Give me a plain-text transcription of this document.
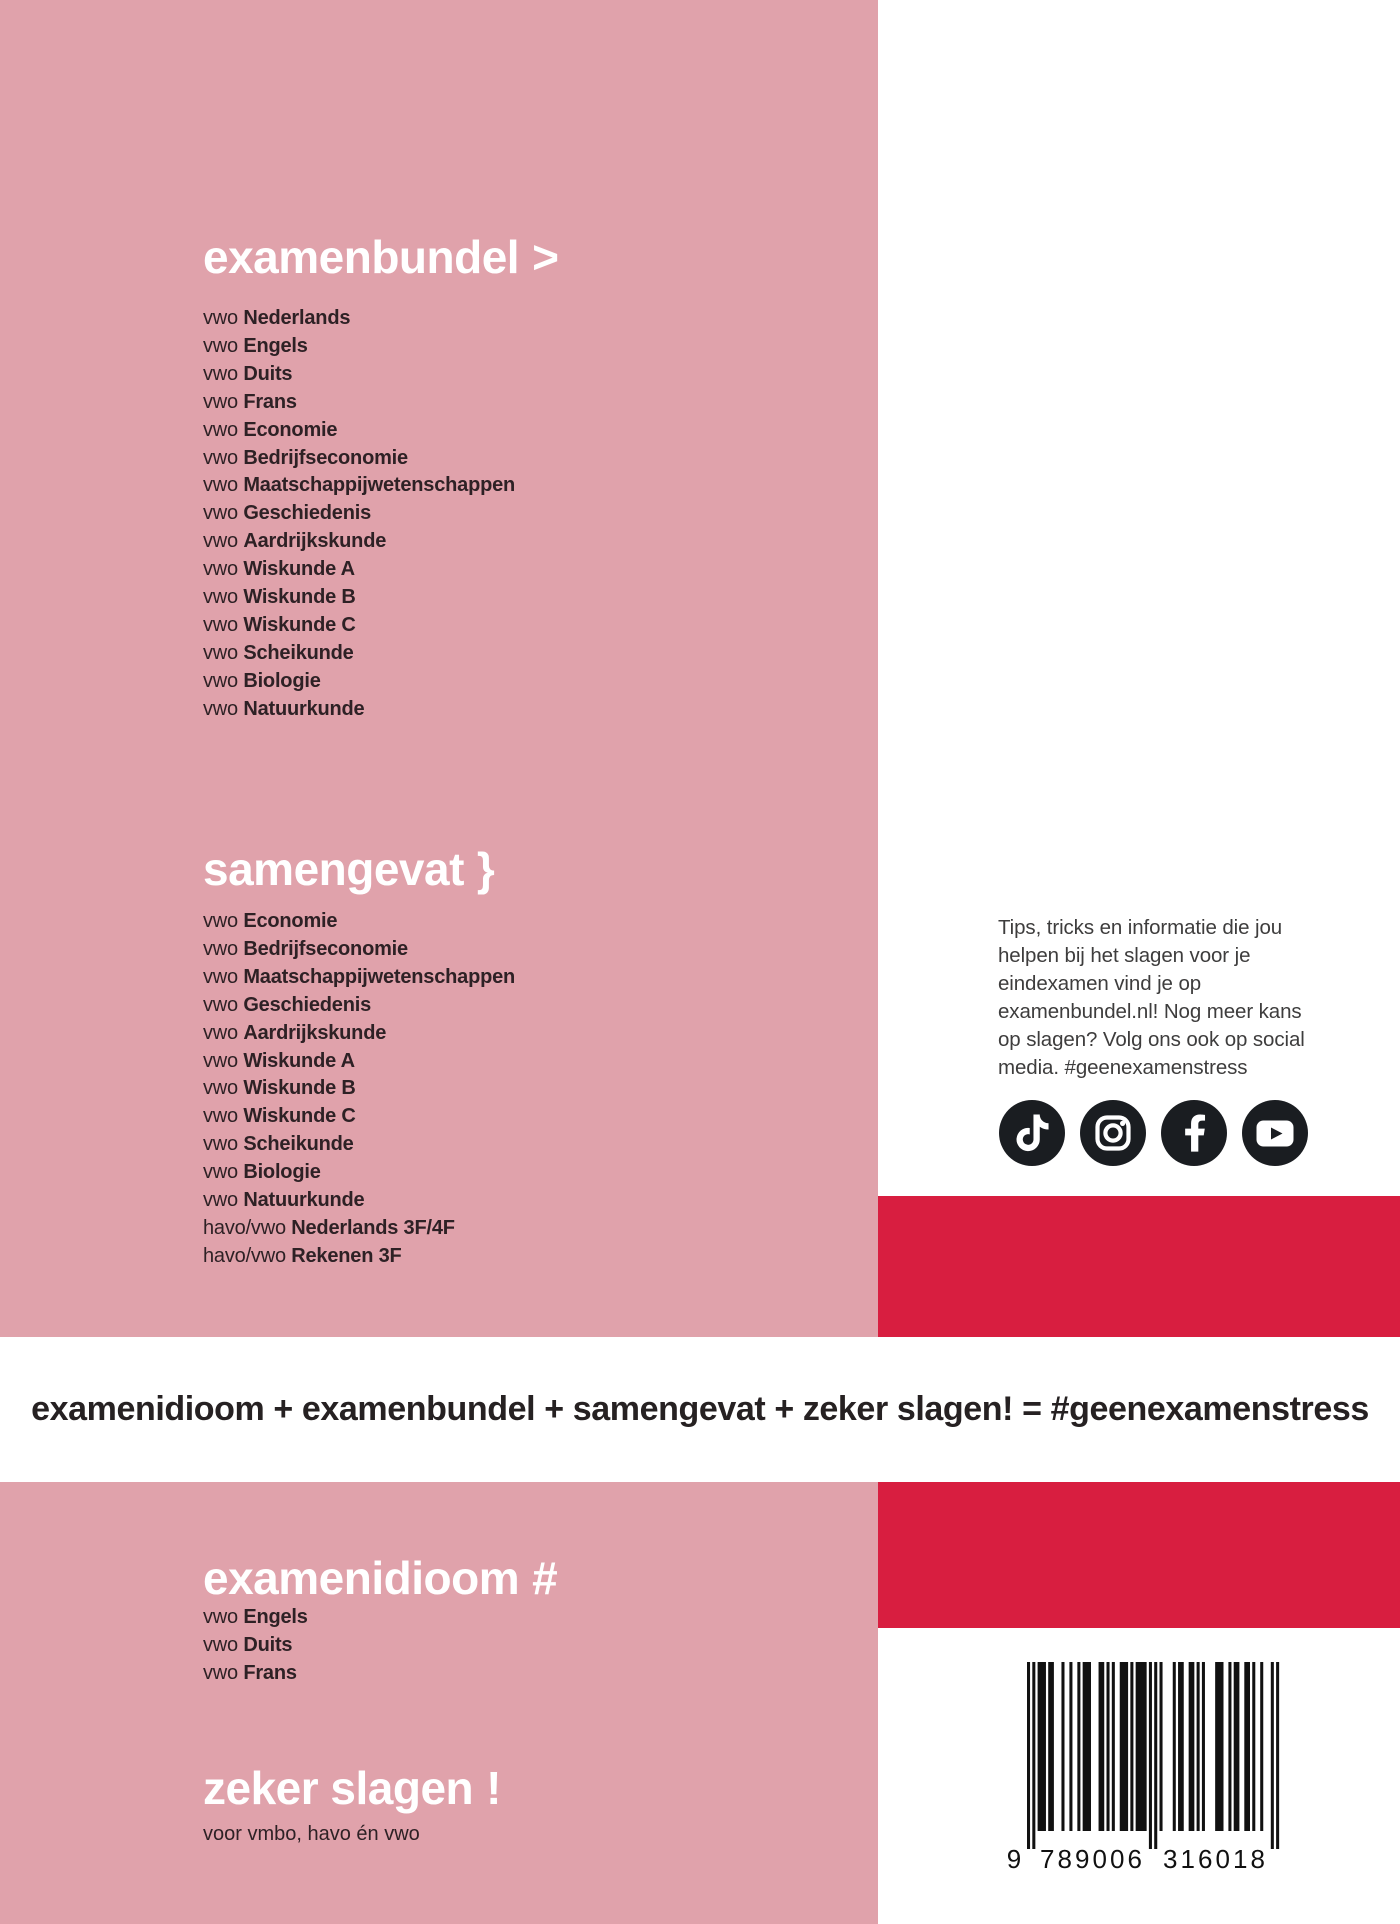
examenbundel >
vwo Nederlands
vwo Engels
vwo Duits
vwo Frans
vwo Economie
vwo Bedrijfseconomie
vwo Maatschappijwetenschappen
vwo Geschiedenis
vwo Aardrijkskunde
vwo Wiskunde A
vwo Wiskunde B
vwo Wiskunde C
vwo Scheikunde
vwo Biologie
vwo Natuurkunde
samengevat }
vwo Economie
vwo Bedrijfseconomie
vwo Maatschappijwetenschappen
vwo Geschiedenis
vwo Aardrijkskunde
vwo Wiskunde A
vwo Wiskunde B
vwo Wiskunde C
vwo Scheikunde
vwo Biologie
vwo Natuurkunde
havo/vwo Nederlands 3F/4F
havo/vwo Rekenen 3F
Tips, tricks en informatie die jou
helpen bij het slagen voor je
eindexamen vind je op
examenbundel.nl! Nog meer kans
op slagen? Volg ons ook op social
media. #geenexamenstress
examenidioom + examenbundel + samengevat + zeker slagen! = #geenexamenstress
examenidioom #
vwo Engels
vwo Duits
vwo Frans
zeker slagen !
voor vmbo, havo én vwo
9 789006 316018
